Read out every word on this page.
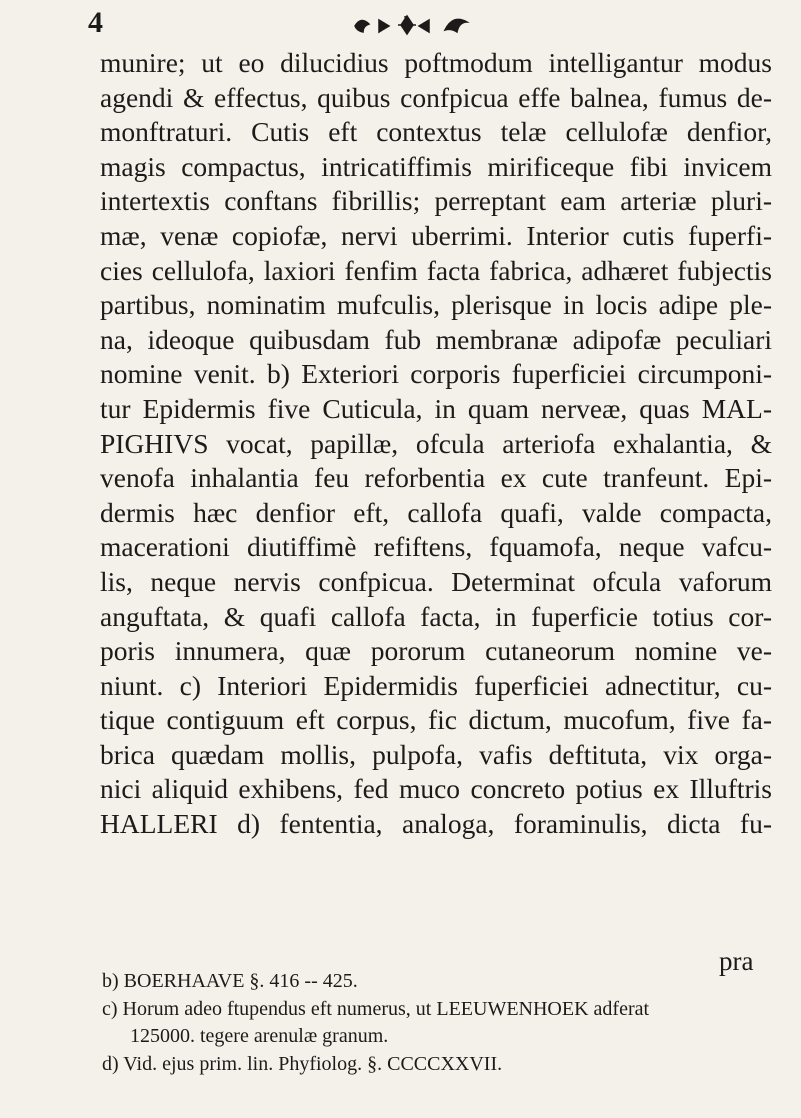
4
munire; ut eo dilucidius poftmodum intelligantur modus
agendi & effectus, quibus confpicua effe balnea, fumus de-
monftraturi. Cutis eft contextus telæ cellulofæ denfior,
magis compactus, intricatiffimis mirificeque fibi invicem
intertextis conftans fibrillis; perreptant eam arteriæ pluri-
mæ, venæ copiofæ, nervi uberrimi. Interior cutis fuperfi-
cies cellulofa, laxiori fenfim facta fabrica, adhæret fubjectis
partibus, nominatim mufculis, plerisque in locis adipe ple-
na, ideoque quibusdam fub membranæ adipofæ peculiari
nomine venit. b) Exteriori corporis fuperficiei circumponi-
tur Epidermis five Cuticula, in quam nerveæ, quas MAL-
PIGHIVS vocat, papillæ, ofcula arteriofa exhalantia, &
venofa inhalantia feu reforbentia ex cute tranfeunt. Epi-
dermis hæc denfior eft, callofa quafi, valde compacta,
macerationi diutiffimè refiftens, fquamofa, neque vafcu-
lis, neque nervis confpicua. Determinat ofcula vaforum
anguftata, & quafi callofa facta, in fuperficie totius cor-
poris innumera, quæ pororum cutaneorum nomine ve-
niunt. c) Interiori Epidermidis fuperficiei adnectitur, cu-
tique contiguum eft corpus, fic dictum, mucofum, five fa-
brica quædam mollis, pulpofa, vafis deftituta, vix orga-
nici aliquid exhibens, fed muco concreto potius ex Illuftris
HALLERI d) fententia, analoga, foraminulis, dicta fu-
pra
b) BOERHAAVE §. 416 -- 425.
c) Horum adeo ftupendus eft numerus, ut LEEUWENHOEK adferat
125000. tegere arenulæ granum.
d) Vid. ejus prim. lin. Phyfiolog. §. CCCCXXVII.
